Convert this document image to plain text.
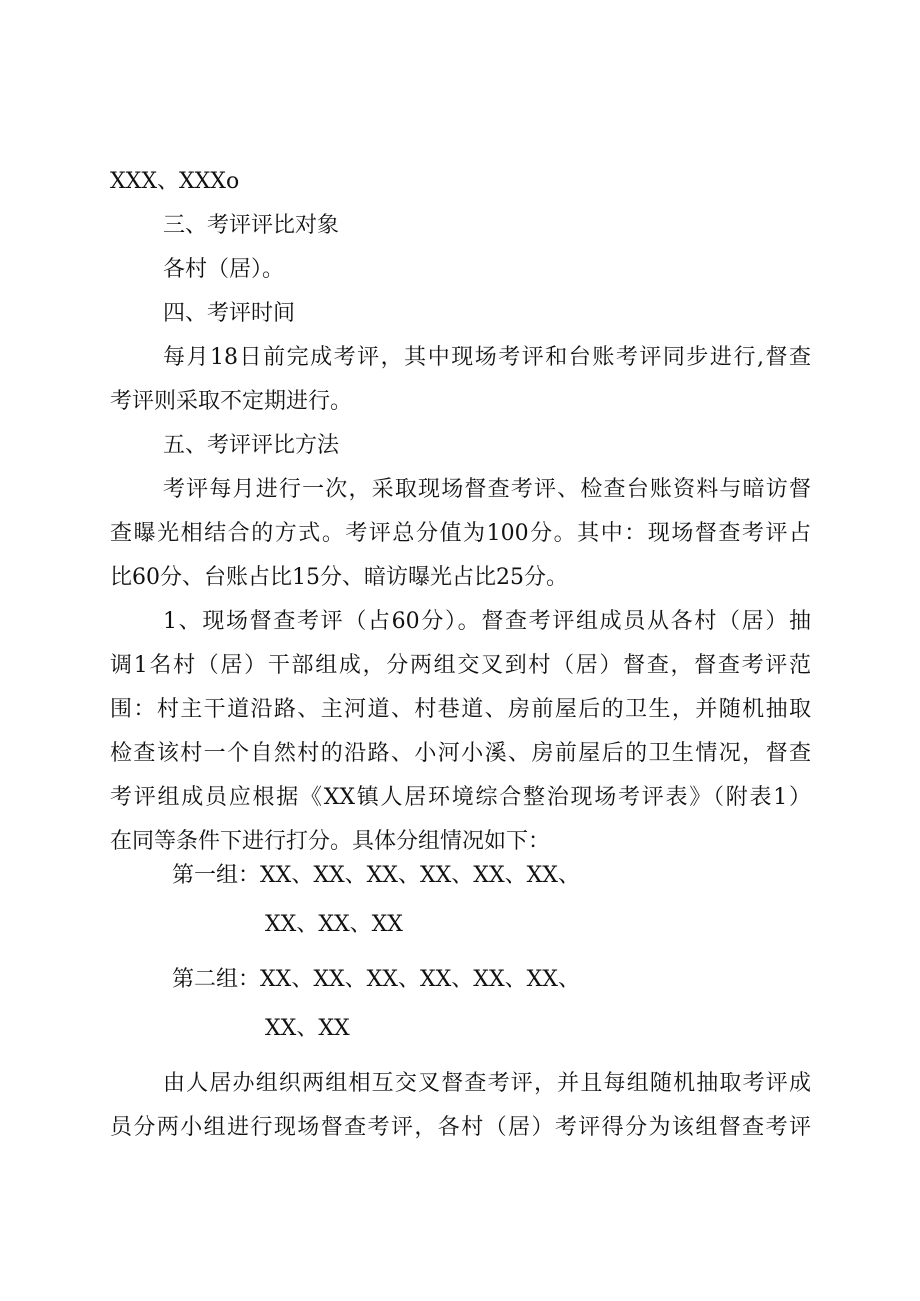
XXX、XXXo
三、考评评比对象
各村（居）。
四、考评时间
每月18日前完成考评，其中现场考评和台账考评同步进行,督查
考评则采取不定期进行。
五、考评评比方法
考评每月进行一次，采取现场督查考评、检查台账资料与暗访督
查曝光相结合的方式。考评总分值为100分。其中：现场督查考评占
比60分、台账占比15分、暗访曝光占比25分。
1、现场督查考评（占60分）。督查考评组成员从各村（居）抽
调1名村（居）干部组成，分两组交叉到村（居）督查，督查考评范
围：村主干道沿路、主河道、村巷道、房前屋后的卫生，并随机抽取
检查该村一个自然村的沿路、小河小溪、房前屋后的卫生情况，督查
考评组成员应根据《XX镇人居环境综合整治现场考评表》（附表1）
在同等条件下进行打分。具体分组情况如下：
第一组：XX、XX、XX、XX、XX、XX、
XX、XX、XX
第二组：XX、XX、XX、XX、XX、XX、
XX、XX
由人居办组织两组相互交叉督查考评，并且每组随机抽取考评成
员分两小组进行现场督查考评，各村（居）考评得分为该组督查考评
